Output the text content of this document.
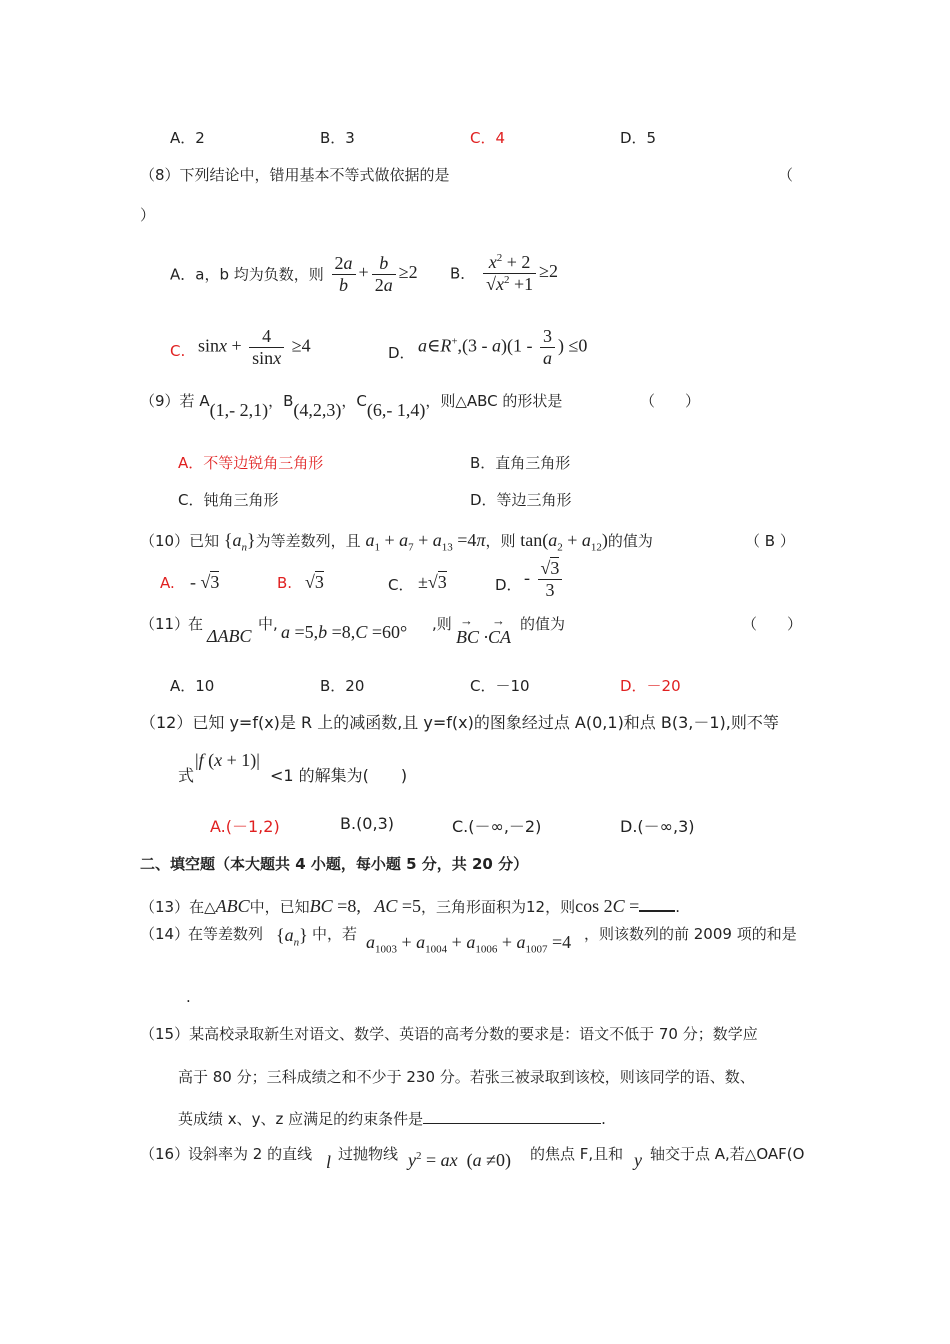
A．2	B．3	C．4	D．5
（8）下列结论中，错用基本不等式做依据的是	（
）
A．a，b 均为负数，则 $\frac{2a}{b} + \frac{b}{2a} \ge 2$ B． $\frac{x^2 + 2}{√x^2 +1} \ge 2$
C. $\sin x + \frac{4}{\sin x} \ge 4$	D． a∈R+,(3 - $a)(1 - \frac{3}{a}$ ) ≤0
（9）若 A(1,- 2,1)，B(4,2,3)，C(6,- 1,4)，则△ABC 的形状是	（　　）
A．不等边锐角三角形	B．直角三角形
C．钝角三角形	D．等边三角形
（10）已知 $\{a_n\}$为等差数列，且 $a_1 + a_7 + a_{13} =4\pi$，则 $\tan(a_2 + a_{12})$的值为	（ B ）
A. - √3	B. √3	C． ±√3	D． - $\frac{√3}{3}$
（11）
在
ΔABC
中, a =5,b =8,C =60° ,则
→ BC ·→ CA
的值为	（　　）
A．10	B．20	C．－10	D．－20
（12）已知 y=f(x)是 R 上的减函数,且 y=f(x)的图象经过点 A(0,1)和点 B(3,－1),则不等
式
|f (x + 1)|
<1 的解集为(　　)
A.(－1,2)	B.(0,3)	C.(－∞,－2)	D.(－∞,3)
二、填空题（本大题共 4 小题，每小题 5 分，共 20 分）
（13）在△ABC中，已知BC =8,   AC =5，三角形面积为12，则cos 2C = .
（14）
在等差数列 $\{a_n\}$ 中，若 $a_{1003} + a_{1004} + a_{1006} + a_{1007} =4$ ，则该数列的前 2009 项的和是
.
（15）某高校录取新生对语文、数学、英语的高考分数的要求是：语文不低于 70 分；数学应
高于 80 分；三科成绩之和不少于 230 分。若张三被录取到该校，则该同学的语、数、
英成绩 x、y、z 应满足的约束条件是	.
（16）
设斜率为 2 的直线 l 过抛物线 $y^2$ = ax  (a ≠0) 的焦点 F,且和 y 轴交于点 A,若△OAF(O
